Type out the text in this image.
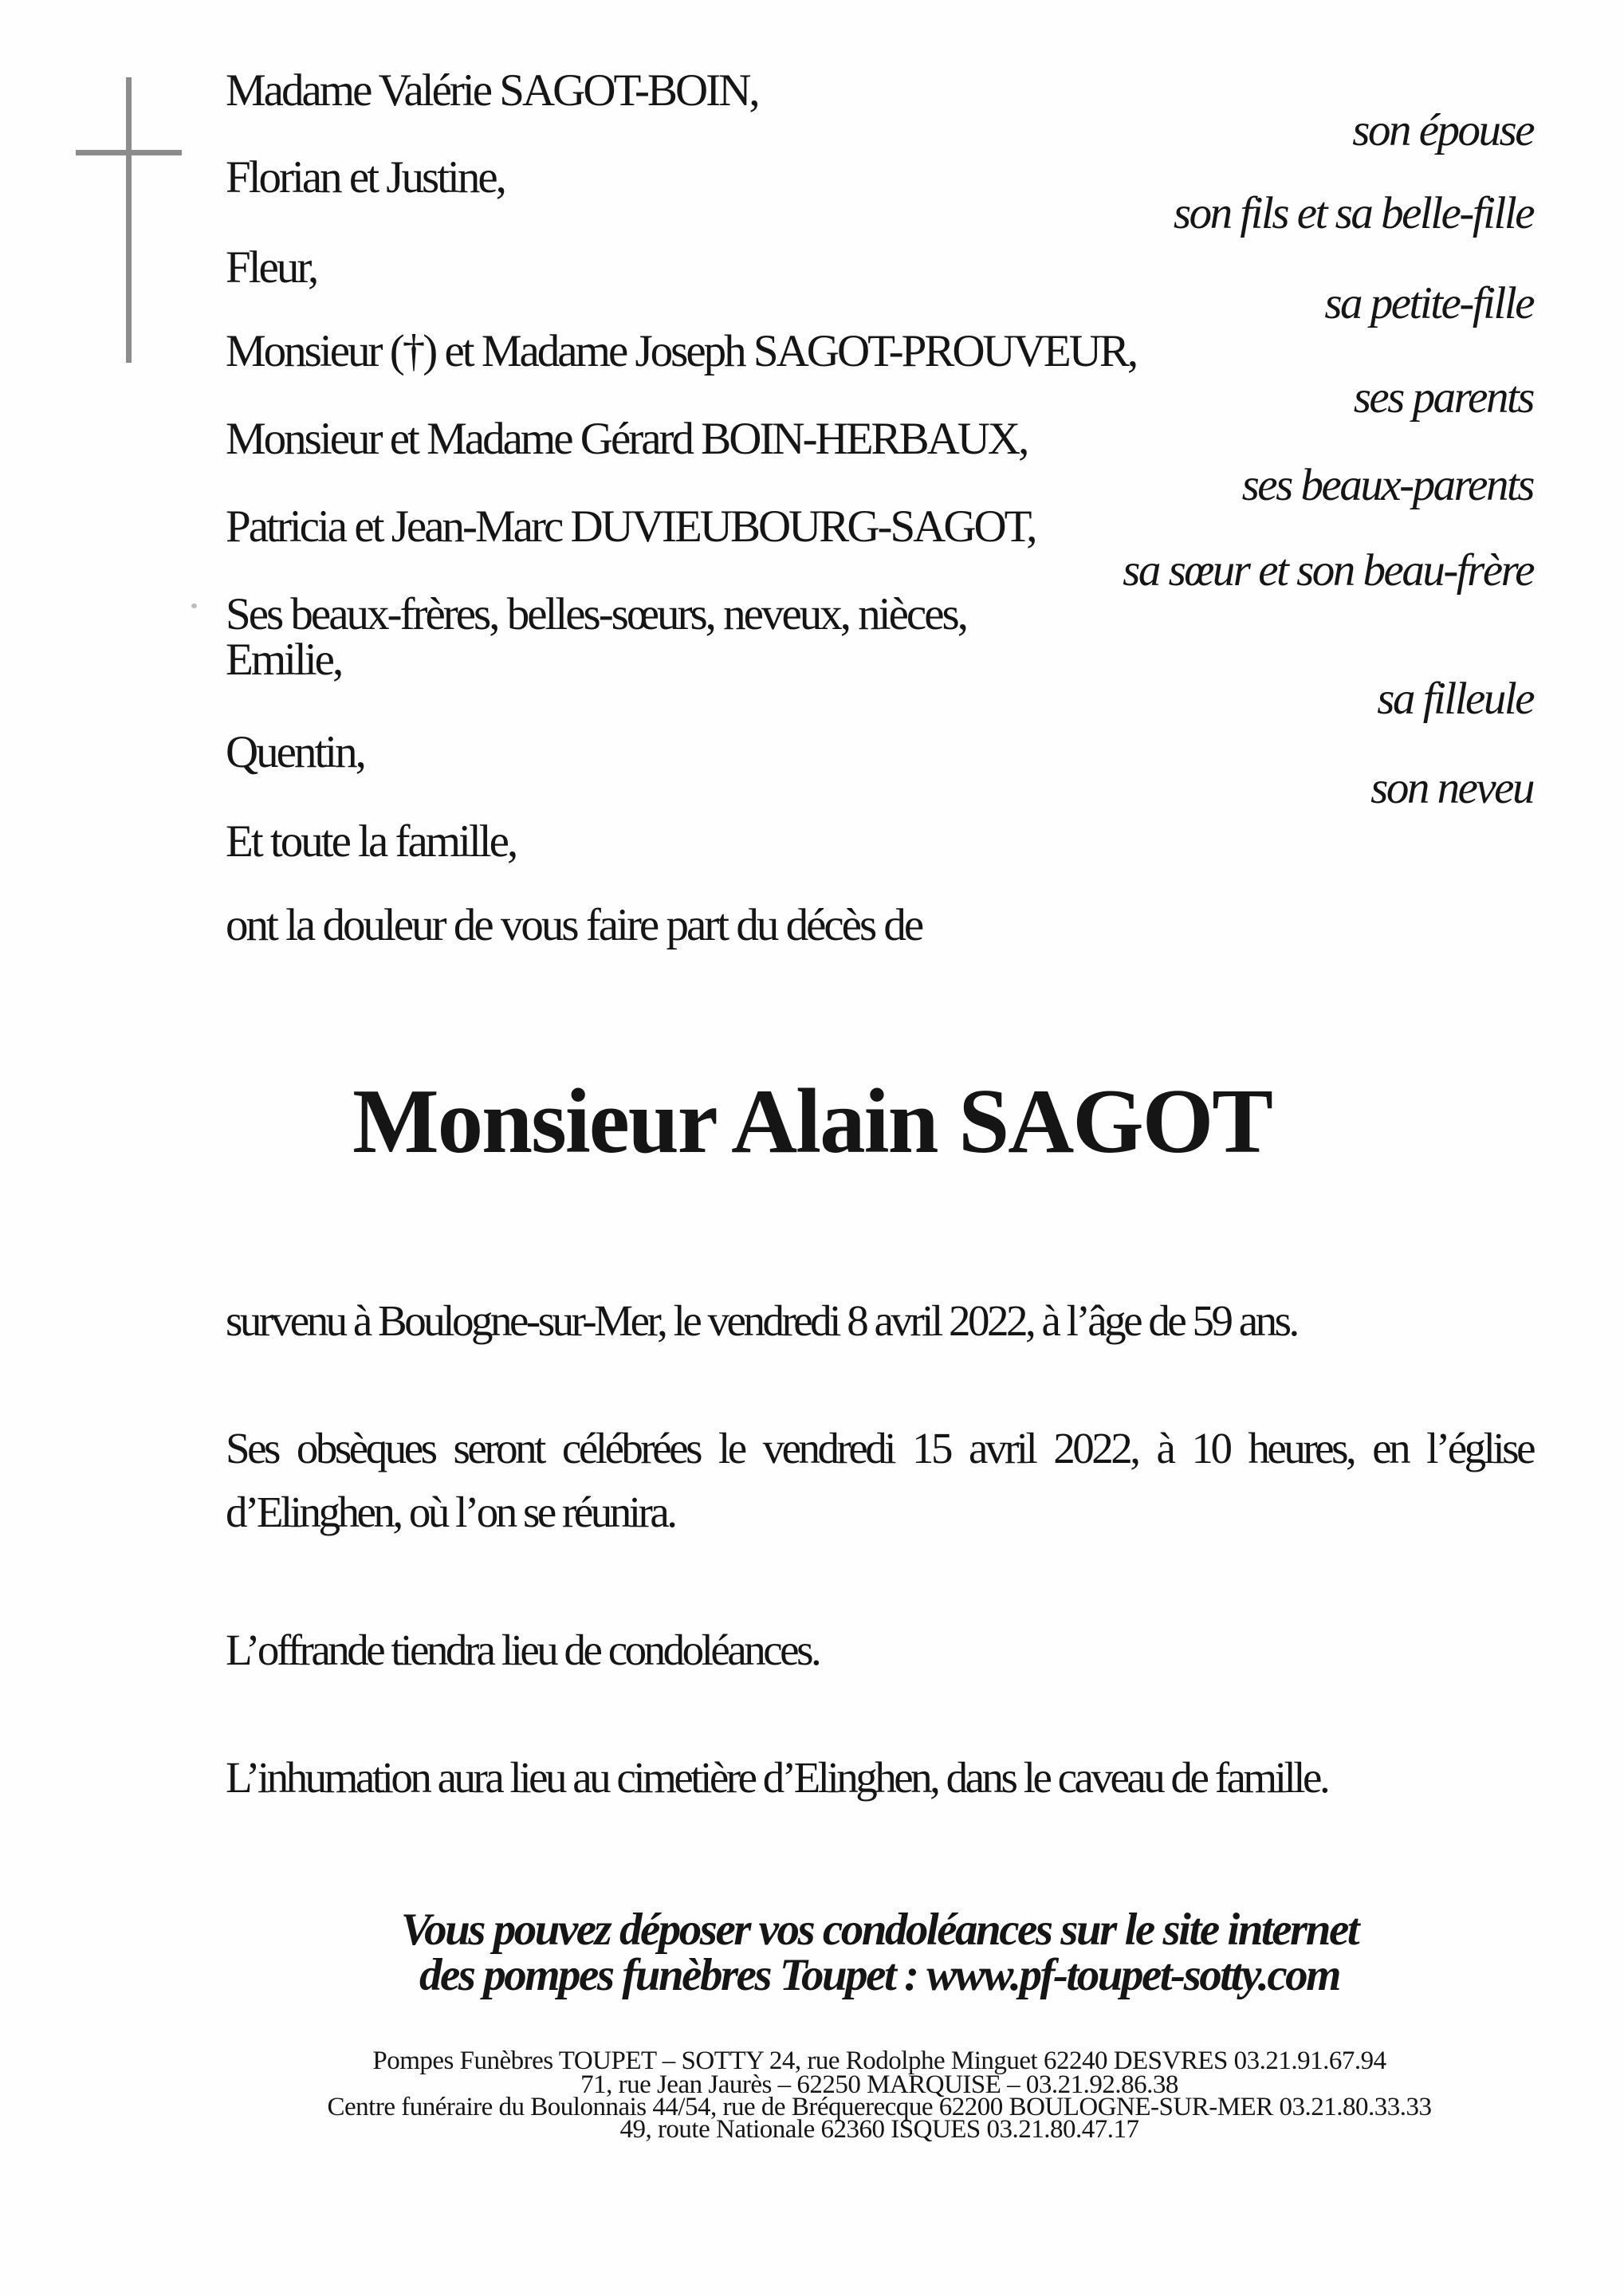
Madame Valérie SAGOT-BOIN,
son épouse
Florian et Justine,
son fils et sa belle-fille
Fleur,
sa petite-fille
Monsieur (†) et Madame Joseph SAGOT-PROUVEUR,
ses parents
Monsieur et Madame Gérard BOIN-HERBAUX,
ses beaux-parents
Patricia et Jean-Marc DUVIEUBOURG-SAGOT,
sa sœur et son beau-frère
Ses beaux-frères, belles-sœurs, neveux, nièces,
Emilie,
sa filleule
Quentin,
son neveu
Et toute la famille,
ont la douleur de vous faire part du décès de
Monsieur Alain SAGOT
survenu à Boulogne-sur-Mer, le vendredi 8 avril 2022, à l’âge de 59 ans.
Ses obsèques seront célébrées le vendredi 15 avril 2022, à 10 heures, en l’église
d’Elinghen, où l’on se réunira.
L’offrande tiendra lieu de condoléances.
L’inhumation aura lieu au cimetière d’Elinghen, dans le caveau de famille.
Vous pouvez déposer vos condoléances sur le site internet
des pompes funèbres Toupet : www.pf-toupet-sotty.com
Pompes Funèbres TOUPET – SOTTY 24, rue Rodolphe Minguet 62240 DESVRES 03.21.91.67.94
71, rue Jean Jaurès – 62250 MARQUISE – 03.21.92.86.38
Centre funéraire du Boulonnais 44/54, rue de Bréquerecque 62200 BOULOGNE-SUR-MER 03.21.80.33.33
49, route Nationale 62360 ISQUES 03.21.80.47.17
